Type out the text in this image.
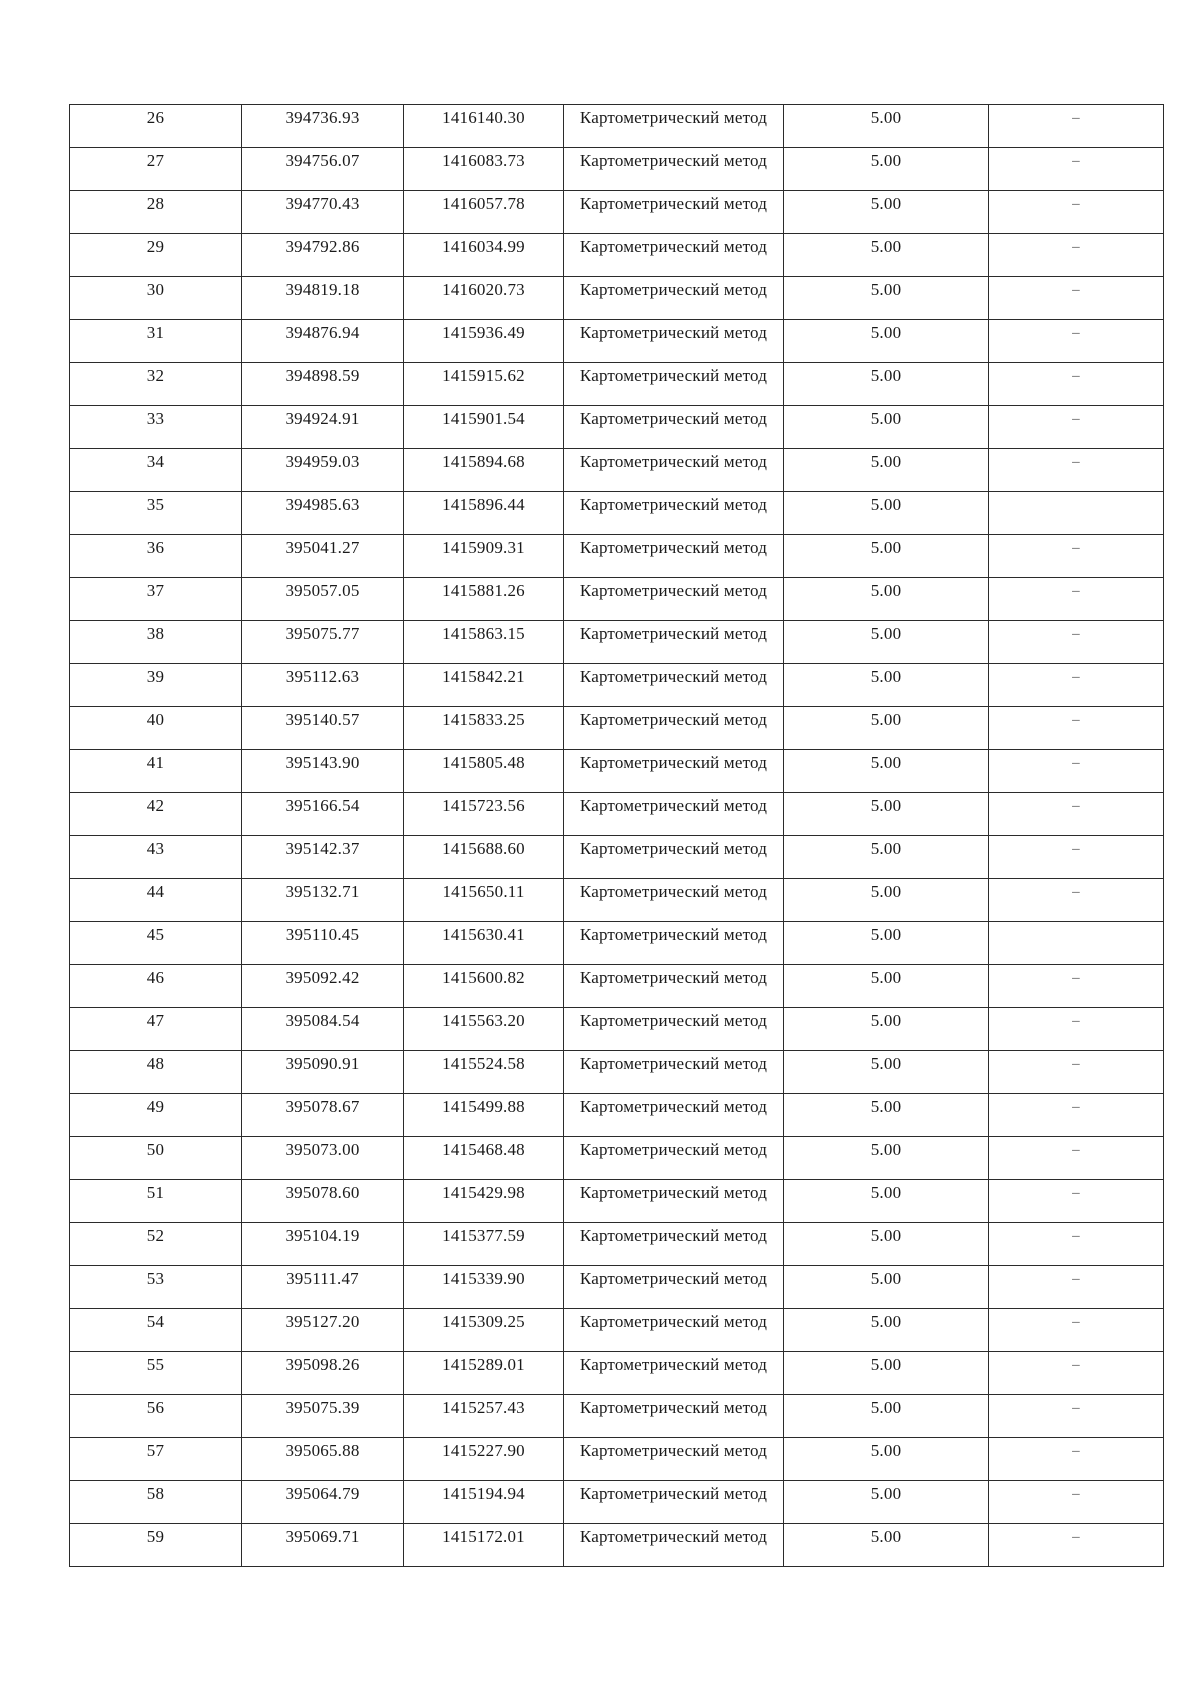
26	394736.93	1416140.30	Картометрический метод	5.00	–

27	394756.07	1416083.73	Картометрический метод	5.00	–

28	394770.43	1416057.78	Картометрический метод	5.00	–

29	394792.86	1416034.99	Картометрический метод	5.00	–

30	394819.18	1416020.73	Картометрический метод	5.00	–

31	394876.94	1415936.49	Картометрический метод	5.00	–

32	394898.59	1415915.62	Картометрический метод	5.00	–

33	394924.91	1415901.54	Картометрический метод	5.00	–

34	394959.03	1415894.68	Картометрический метод	5.00	–

35	394985.63	1415896.44	Картометрический метод	5.00	

36	395041.27	1415909.31	Картометрический метод	5.00	–

37	395057.05	1415881.26	Картометрический метод	5.00	–

38	395075.77	1415863.15	Картометрический метод	5.00	–

39	395112.63	1415842.21	Картометрический метод	5.00	–

40	395140.57	1415833.25	Картометрический метод	5.00	–

41	395143.90	1415805.48	Картометрический метод	5.00	–

42	395166.54	1415723.56	Картометрический метод	5.00	–

43	395142.37	1415688.60	Картометрический метод	5.00	–

44	395132.71	1415650.11	Картометрический метод	5.00	–

45	395110.45	1415630.41	Картометрический метод	5.00	

46	395092.42	1415600.82	Картометрический метод	5.00	–

47	395084.54	1415563.20	Картометрический метод	5.00	–

48	395090.91	1415524.58	Картометрический метод	5.00	–

49	395078.67	1415499.88	Картометрический метод	5.00	–

50	395073.00	1415468.48	Картометрический метод	5.00	–

51	395078.60	1415429.98	Картометрический метод	5.00	–

52	395104.19	1415377.59	Картометрический метод	5.00	–

53	395111.47	1415339.90	Картометрический метод	5.00	–

54	395127.20	1415309.25	Картометрический метод	5.00	–

55	395098.26	1415289.01	Картометрический метод	5.00	–

56	395075.39	1415257.43	Картометрический метод	5.00	–

57	395065.88	1415227.90	Картометрический метод	5.00	–

58	395064.79	1415194.94	Картометрический метод	5.00	–

59	395069.71	1415172.01	Картометрический метод	5.00	–
